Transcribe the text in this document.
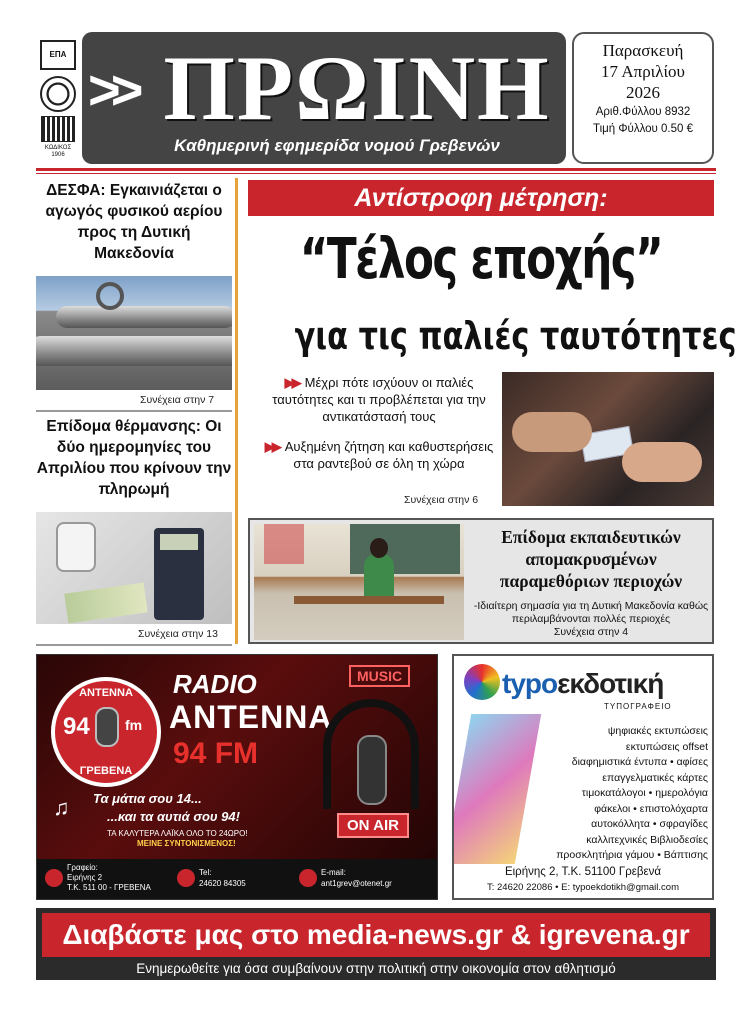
ΕΠΑ
ΚΩΔΙΚΟΣ
1906
>> ΠΡΩΙΝΗ
Καθημερινή εφημερίδα νομού Γρεβενών
Παρασκευή
17 Απριλίου
2026
Αριθ.Φύλλου 8932
Τιμή Φύλλου 0.50 €
ΔΕΣΦΑ: Εγκαινιάζεται ο αγωγός φυσικού αερίου προς τη Δυτική Μακεδονία
Συνέχεια στην 7
Επίδομα θέρμανσης: Οι δύο ημερομηνίες του Απριλίου που κρίνουν την πληρωμή
Συνέχεια στην 13
Αντίστροφη μέτρηση:
“Τέλος εποχής”
για τις παλιές ταυτότητες
▶▶ Μέχρι πότε ισχύουν οι παλιές ταυτότητες και τι προβλέπεται για την αντικατάστασή τους
▶▶ Αυξημένη ζήτηση και καθυστερήσεις στα ραντεβού σε όλη τη χώρα
Συνέχεια στην 6
Επίδομα εκπαιδευτικών απομακρυσμένων παραμεθόριων περιοχών
-Ιδιαίτερη σημασία για τη Δυτική Μακεδονία καθώς περιλαμβάνονται πολλές περιοχές
Συνέχεια στην 4
ΑΝΤΕΝΝΑ
94	fm
ΓΡΕΒΕΝΑ
RADIO
ANTENNA
94 FM
MUSIC
ON AIR
♫ Τα μάτια σου 14...
...και τα αυτιά σου 94!
ΤΑ ΚΑΛΥΤΕΡΑ ΛΑΪΚΑ ΟΛΟ ΤΟ 24ΩΡΟ!
ΜΕΙΝΕ ΣΥΝΤΟΝΙΣΜΕΝΟΣ!
Γραφείο:
Ειρήνης 2
Τ.Κ. 511 00 - ΓΡΕΒΕΝΑ
Tel:
24620 84305
E-mail:
ant1grev@otenet.gr
typoεκδοτική
ΤΥΠΟΓΡΑΦΕΙΟ
ψηφιακές εκτυπώσεις
εκτυπώσεις offset
διαφημιστικά έντυπα • αφίσες
επαγγελματικές κάρτες
τιμοκατάλογοι • ημερολόγια
φάκελοι • επιστολόχαρτα
αυτοκόλλητα • σφραγίδες
καλλιτεχνικές Βιβλιοδεσίες
προσκλητήρια γάμου • Βάπτισης
Ειρήνης 2, Τ.Κ. 51100 Γρεβενά
Τ: 24620 22086 • Ε: typoekdotikh@gmail.com
Διαβάστε μας στο media-news.gr & igrevena.gr
Ενημερωθείτε για όσα συμβαίνουν στην πολιτική στην οικονομία στον αθλητισμό
